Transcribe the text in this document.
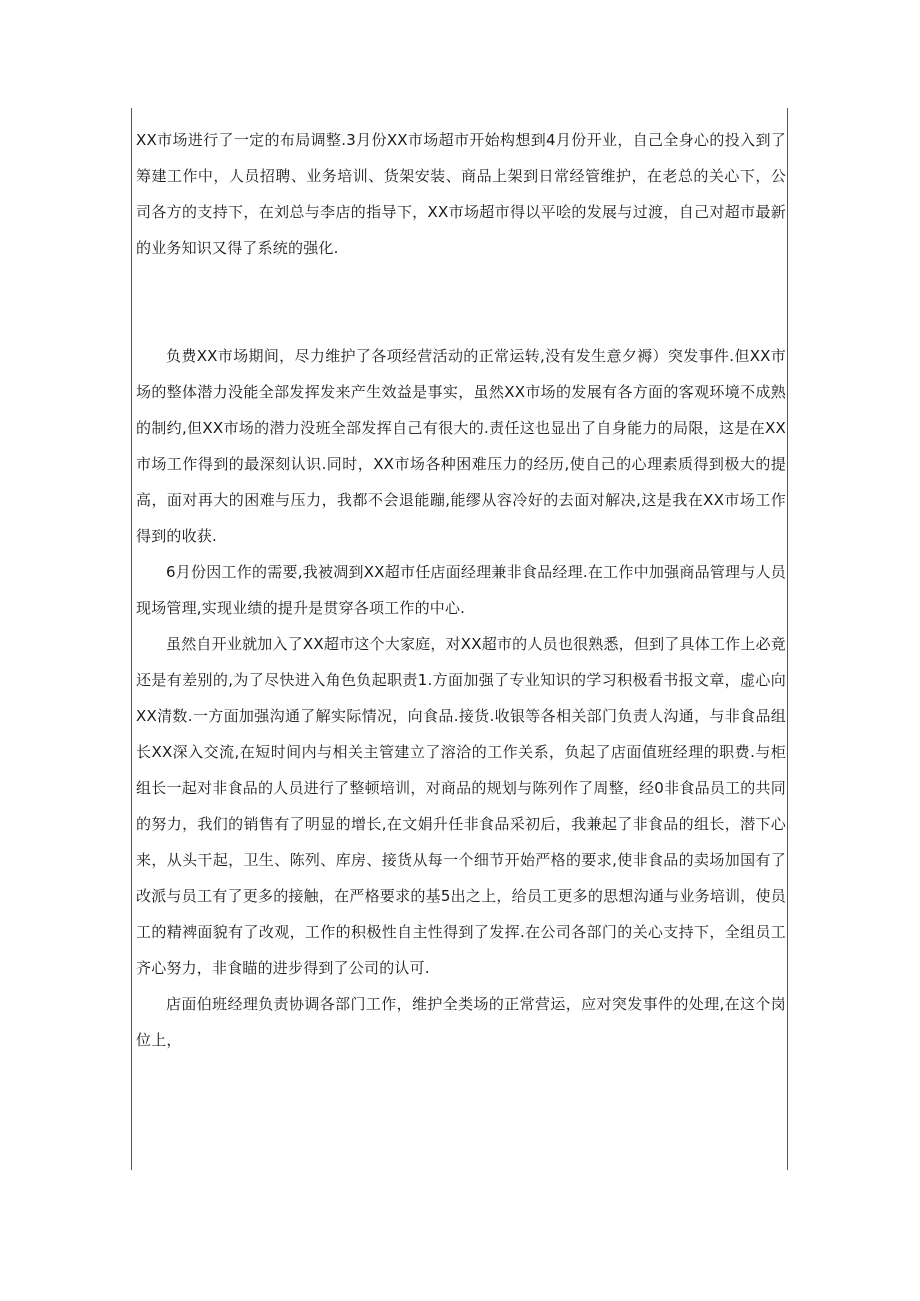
XX市场进行了一定的布局调整.3月份XX市场超市开始构想到4月份开业，自己全身心的投入到了筹建工作中，人员招聘、业务培训、货架安装、商品上架到日常经管维护，在老总的关心下，公司各方的支持下，在刘总与李店的指导下，XX市场超市得以平哙的发展与过渡，自己对超市最新的业务知识又得了系统的强化.

负费XX市场期间，尽力维护了各项经营活动的正常运转,没有发生意夕褥）突发事件.但XX市场的整体潜力没能全部发挥发来产生效益是事实，虽然XX市场的发展有各方面的客观环境不成熟的制约,但XX市场的潜力没班全部发挥自己有很大的.责任这也显出了自身能力的局限，这是在XX市场工作得到的最深刻认识.同时，XX市场各种困难压力的经历,使自己的心理素质得到极大的提高，面对再大的困难与压力，我都不会退能蹦,能缪从容冷好的去面对解决,这是我在XX市场工作得到的收获.

6月份因工作的需要,我被凋到XX超市任店面经理兼非食品经理.在工作中加强商品管理与人员现场管理,实现业绩的提升是贯穿各项工作的中心.

虽然自开业就加入了XX超市这个大家庭，对XX超市的人员也很熟悉，但到了具体工作上必竟还是有差别的,为了尽快进入角色负起职责1.方面加强了专业知识的学习积极看书报文章，虚心向XX清数.一方面加强沟通了解实际情况，向食品.接货.收银等各相关部门负责人沟通，与非食品组长XX深入交流,在短时间内与相关主管建立了溶洽的工作关系，负起了店面值班经理的职费.与柜组长一起对非食品的人员进行了整顿培训，对商品的规划与陈列作了周整，经0非食品员工的共同的努力，我们的销售有了明显的增长,在文娟升任非食品采初后，我兼起了非食品的组长，潜下心来，从头干起，卫生、陈列、库房、接货从每一个细节开始严格的要求,使非食品的卖场加国有了改派与员工有了更多的接触，在严格要求的基5出之上，给员工更多的思想沟通与业务培训，使员工的精裨面貌有了改观，工作的积极性自主性得到了发挥.在公司各部门的关心支持下，全组员工齐心努力，非食瞄的进步得到了公司的认可.

店面伯班经理负责协调各部门工作，维护全类场的正常营运，应对突发事件的处理,在这个岗位上，
